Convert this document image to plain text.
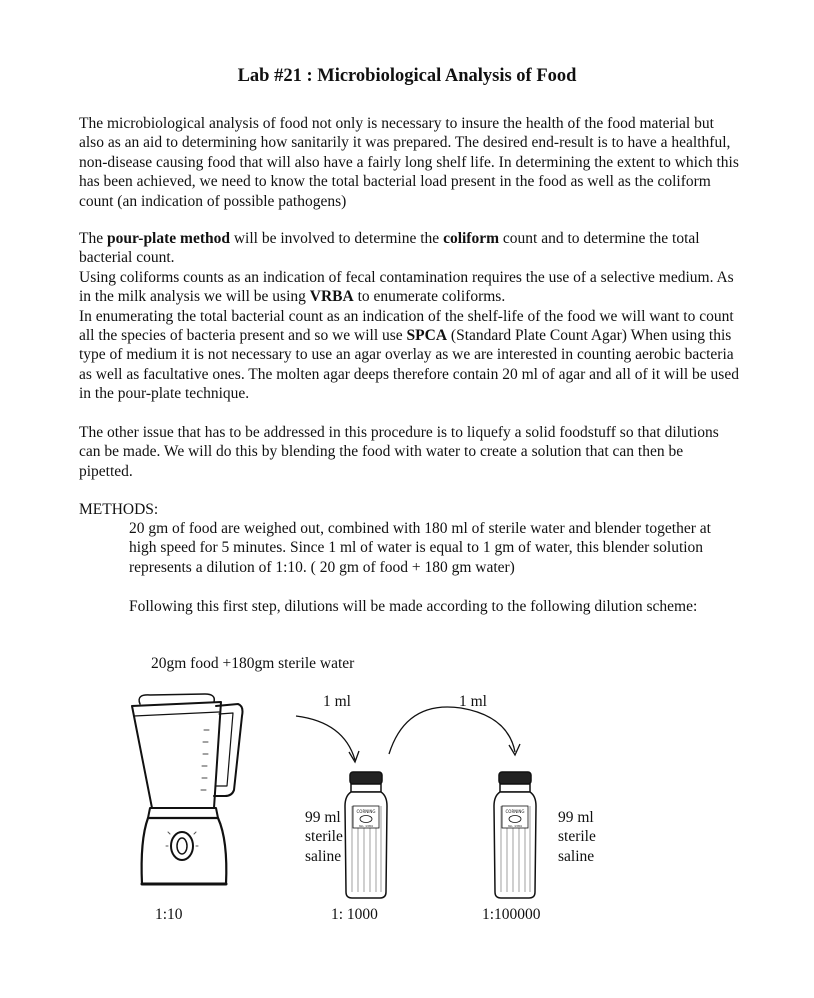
Lab #21 : Microbiological Analysis of Food

The microbiological analysis of food not only is necessary to insure the health of the food material but also as an aid to determining how sanitarily it was prepared. The desired end-result is to have a healthful, non-disease causing food that will also have a fairly long shelf life. In determining the extent to which this has been achieved, we need to know the total bacterial load present in the food as well as the coliform count (an indication of possible pathogens)

The pour-plate method will be involved to determine the coliform count and to determine the total bacterial count.

Using coliforms counts as an indication of fecal contamination requires the use of a selective medium. As in the milk analysis we will be using VRBA to enumerate coliforms.

In enumerating the total bacterial count as an indication of the shelf-life of the food we will want to count all the species of bacteria present and so we will use SPCA (Standard Plate Count Agar) When using this type of medium it is not necessary to use an agar overlay as we are interested in counting aerobic bacteria as well as facultative ones. The molten agar deeps therefore contain 20 ml of agar and all of it will be used in the pour-plate technique.

The other issue that has to be addressed in this procedure is to liquefy a solid foodstuff so that dilutions can be made. We will do this by blending the food with water to create a solution that can then be pipetted.

METHODS:
20 gm of food are weighed out, combined with 180 ml of sterile water and blender together at high speed for 5 minutes. Since 1 ml of water is equal to 1 gm of water, this blender solution represents a dilution of 1:10. ( 20 gm of food + 180 gm water)
Following this first step, dilutions will be made according to the following dilution scheme:
20gm food +180gm sterile water
1 ml	1 ml
99 ml
sterile
saline
99 ml
sterile
saline
1:10	1: 1000	1:100000
CORNING
No. 1384
CORNING
No. 1384
